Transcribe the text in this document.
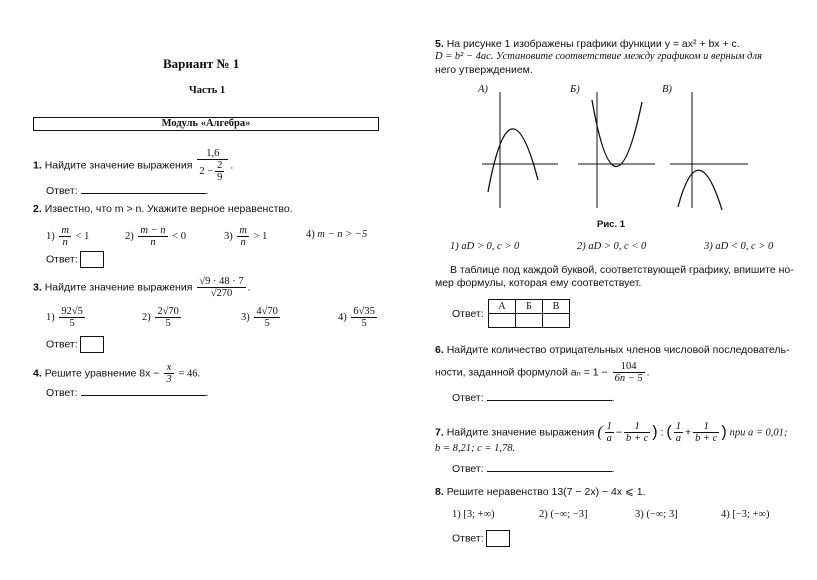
Вариант № 1
Часть 1
Модуль «Алгебра»
1. Найдите значение выражения $\frac{1,6}{2 - \frac{2}{9}}$ .
Ответ:	.
2. Известно, что m > n. Укажите верное неравенство.
$1) \frac{m}{n} < 1$	$2) \frac{m - n}{n} < 0$	$3) \frac{m}{n} > 1$	4) m − n > −5
Ответ:
3. Найдите значение выражения $\frac{√9 \cdot 48 \cdot 7}{√270}$ .
$1) \frac{92√5}{5}$	$2) \frac{2√70}{5}$	$3) \frac{4√70}{5}$	$4) \frac{6√35}{5}$
Ответ:
4. Решите уравнение $8x - \frac{x}{3} = 46$.
Ответ:	.
5. На рисунке 1 изображены графики функции y = ax² + bx + c.
D = b² − 4ac. Установите соответствие между графиком и верным для
него утверждением.
А)	Б)	В)
Рис. 1
1) aD > 0, c > 0	2) aD > 0, c < 0	3) aD < 0, c > 0
В таблице под каждой буквой, соответствующей графику, впишите но-
мер формулы, которая ему соответствует.
Ответ:
А	Б	В

6. Найдите количество отрицательных членов числовой последователь-
ности, заданной формулой $a_n = 1 - \frac{104}{6n - 5}$ .
Ответ:	.
7. Найдите значение выражения ( $\frac{1}{a} - \frac{1}{b + c}$ ) : ( $\frac{1}{a} + \frac{1}{b + c}$ ) при a = 0,01;
b = 8,21; c = 1,78.
Ответ:	.
8. Решите неравенство 13(7 − 2x) − 4x ⩽ 1.
1) [3; +∞)	2) (−∞; −3]	3) (−∞; 3]	4) [−3; +∞)
Ответ:
